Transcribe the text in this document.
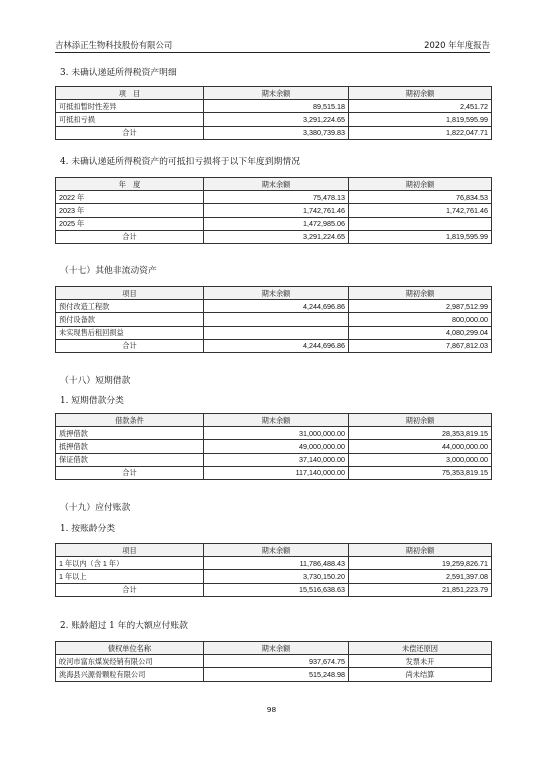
吉林添正生物科技股份有限公司	2020 年年度报告
3. 未确认递延所得税资产明细
项　目	期末余额	期初余额
可抵扣暂时性差异	89,515.18	2,451.72
可抵扣亏损	3,291,224.65	1,819,595.99
合计	3,380,739.83	1,822,047.71
4. 未确认递延所得税资产的可抵扣亏损将于以下年度到期情况
年　度	期末余额	期初余额
2022 年	75,478.13	76,834.53
2023 年	1,742,761.46	1,742,761.46
2025 年	1,472,985.06	
合计	3,291,224.65	1,819,595.99
（十七）其他非流动资产
项目	期末余额	期初余额
预付改造工程款	4,244,696.86	2,987,512.99
预付设备款		800,000.00
未实现售后租回损益		4,080,299.04
合计	4,244,696.86	7,867,812.03
（十八）短期借款
1. 短期借款分类
借款条件	期末余额	期初余额
质押借款	31,000,000.00	28,353,819.15
抵押借款	49,000,000.00	44,000,000.00
保证借款	37,140,000.00	3,000,000.00
合计	117,140,000.00	75,353,819.15
（十九）应付账款
1. 按账龄分类
项目	期末余额	期初余额
1 年以内（含 1 年）	11,786,488.43	19,259,826.71
1 年以上	3,730,150.20	2,591,397.08
合计	15,516,638.63	21,851,223.79
2. 账龄超过 1 年的大额应付账款
债权单位名称	期末余额	未偿还原因
皎河市富东煤炭经销有限公司	937,674.75	发票未开
洮海县兴源骨颗粒有限公司	515,248.98	尚未结算
98
